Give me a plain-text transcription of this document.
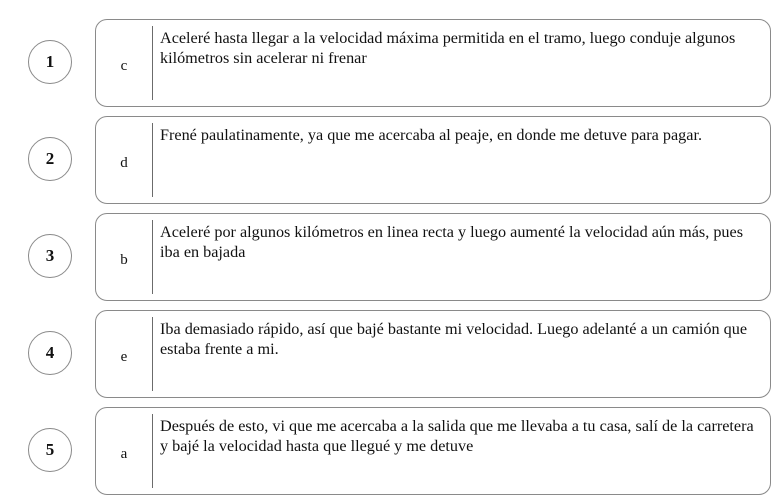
1	c
Aceleré hasta llegar a la velocidad máxima permitida en el tramo, luego conduje algunos kilómetros sin acelerar ni frenar
2	d
Frené paulatinamente, ya que me acercaba al peaje, en donde me detuve para pagar.
3	b
Aceleré por algunos kilómetros en linea recta y luego aumenté la velocidad aún más, pues iba en bajada
4	e
Iba demasiado rápido, así que bajé bastante mi velocidad. Luego adelanté a un camión que estaba frente a mi.
5	a
Después de esto, vi que me acercaba a la salida que me llevaba a tu casa, salí de la carretera y bajé la velocidad hasta que llegué y me detuve
